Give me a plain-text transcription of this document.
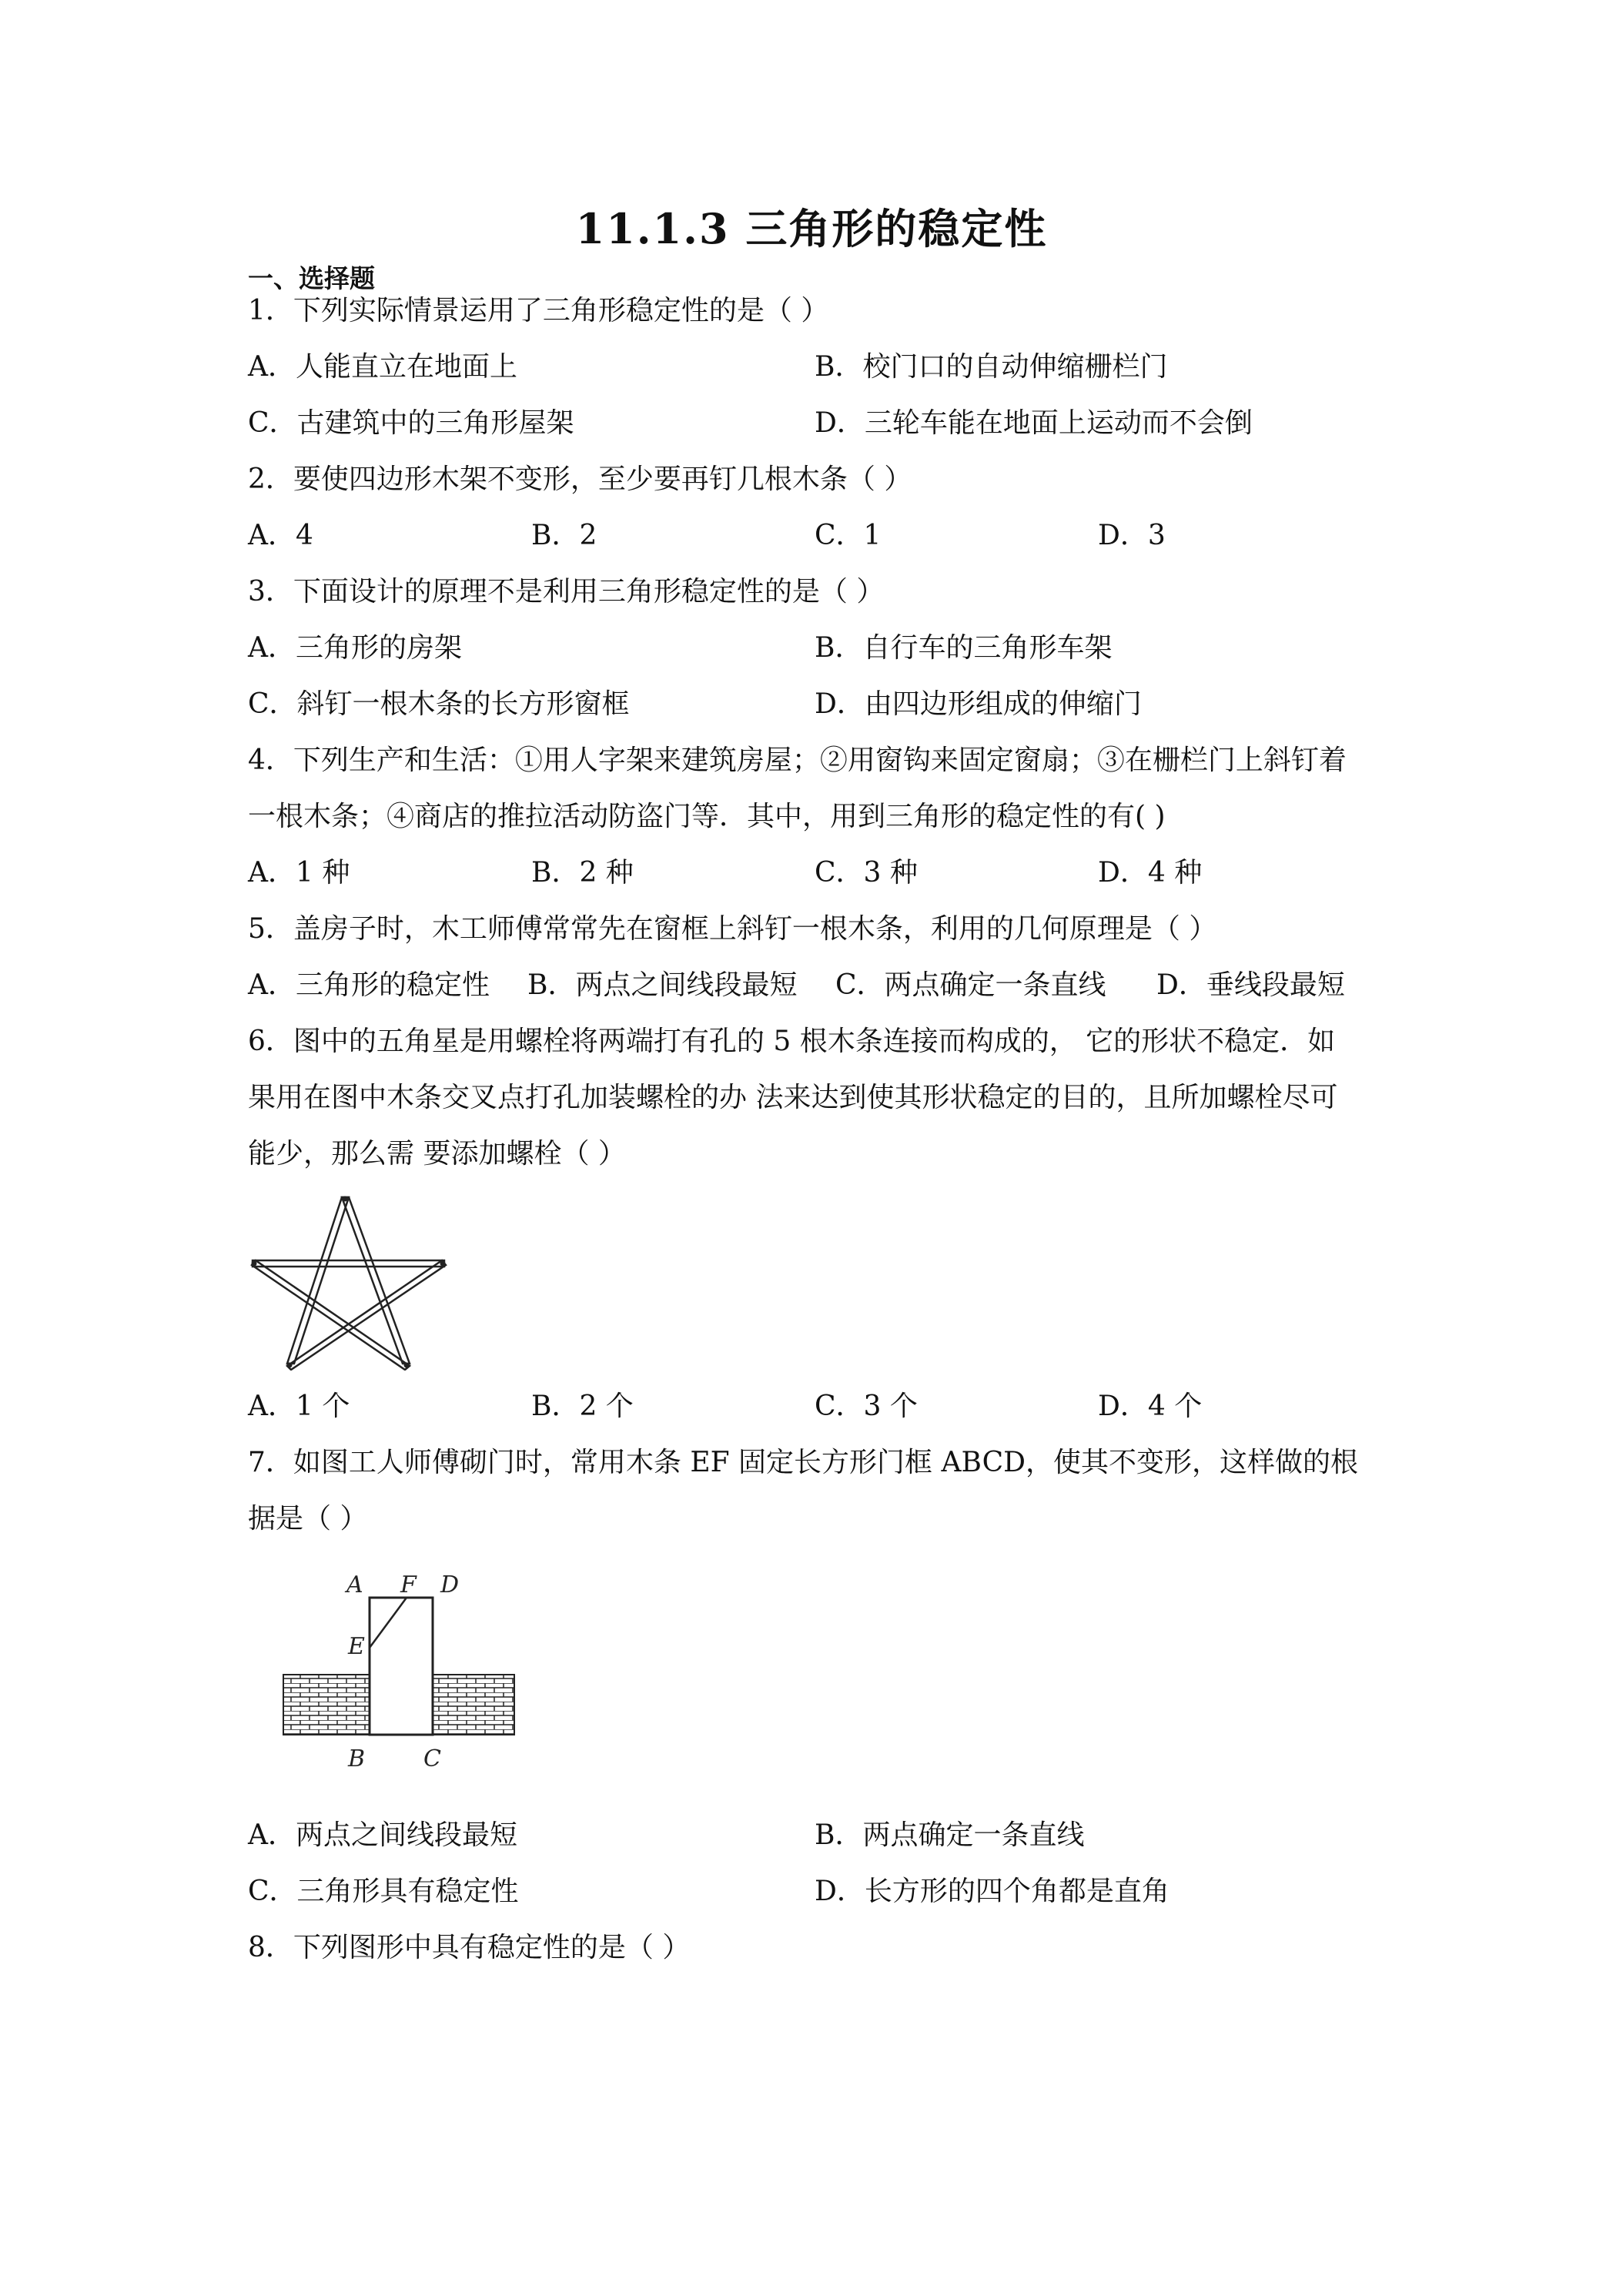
11.1.3 三角形的稳定性
一、选择题
1．下列实际情景运用了三角形稳定性的是（ ）
A．人能直立在地面上	B．校门口的自动伸缩栅栏门
C．古建筑中的三角形屋架	D．三轮车能在地面上运动而不会倒
2．要使四边形木架不变形，至少要再钉几根木条（ ）
A．4	B．2	C．1	D．3
3．下面设计的原理不是利用三角形稳定性的是（ ）
A．三角形的房架	B．自行车的三角形车架
C．斜钉一根木条的长方形窗框	D．由四边形组成的伸缩门
4．下列生产和生活：①用人字架来建筑房屋；②用窗钩来固定窗扇；③在栅栏门上斜钉着
一根木条；④商店的推拉活动防盗门等．其中，用到三角形的稳定性的有( )
A．1 种	B．2 种	C．3 种	D．4 种
5．盖房子时，木工师傅常常先在窗框上斜钉一根木条，利用的几何原理是（ ）
A．三角形的稳定性 B．两点之间线段最短 C．两点确定一条直线 D．垂线段最短
6．图中的五角星是用螺栓将两端打有孔的 5 根木条连接而构成的， 它的形状不稳定．如
果用在图中木条交叉点打孔加装螺栓的办 法来达到使其形状稳定的目的，且所加螺栓尽可
能少，那么需 要添加螺栓（ ）
A．1 个	B．2 个	C．3 个	D．4 个
7．如图工人师傅砌门时，常用木条 EF 固定长方形门框 ABCD，使其不变形，这样做的根
据是（ ）
A F D
E
B	C
A．两点之间线段最短	B．两点确定一条直线
C．三角形具有稳定性	D．长方形的四个角都是直角
8．下列图形中具有稳定性的是（ ）
